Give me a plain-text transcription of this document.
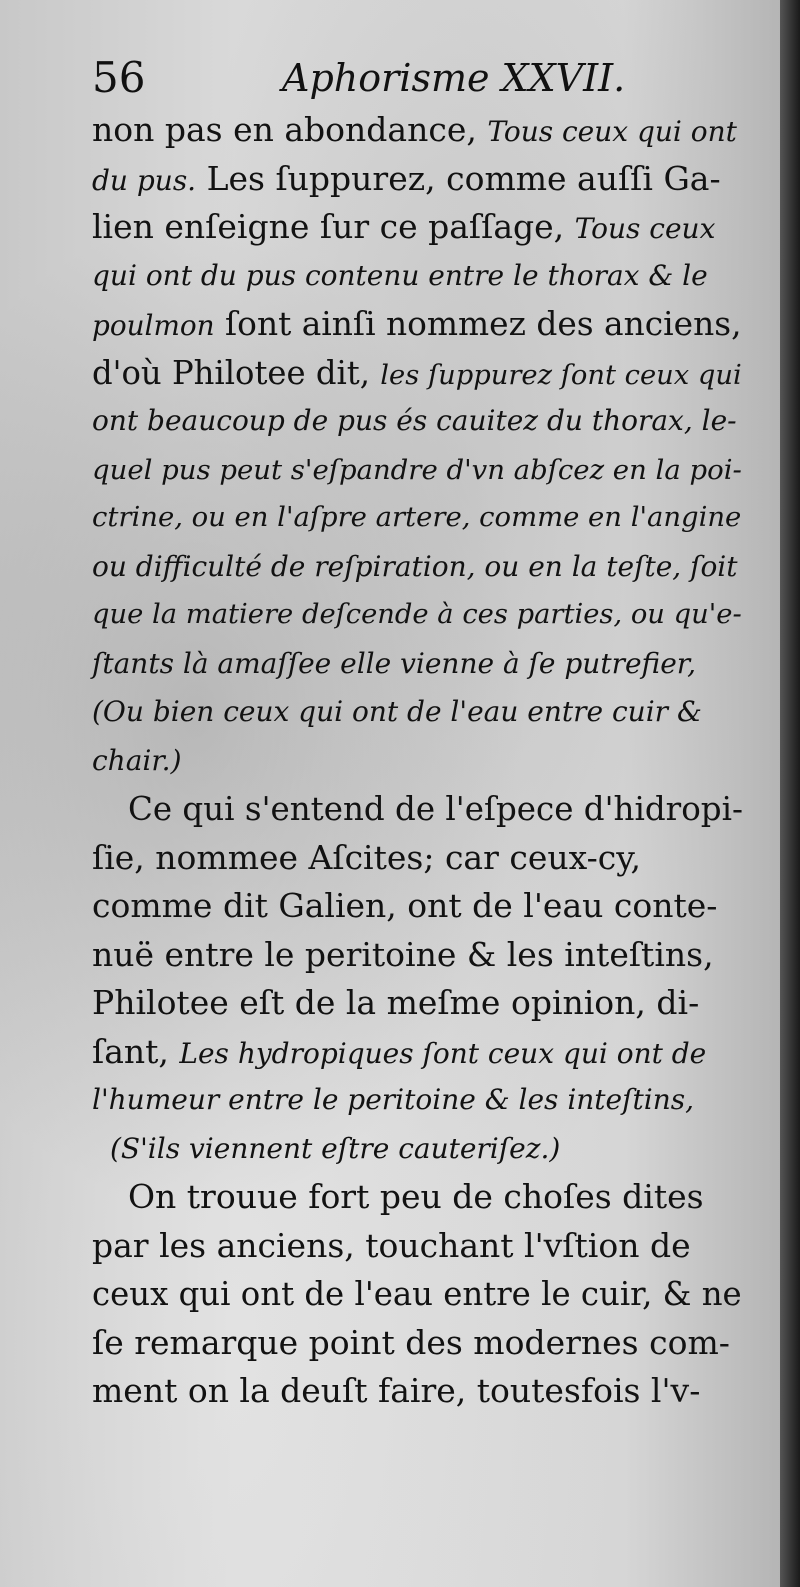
56	Aphorisme XXVII.
non pas en abondance, Tous ceux qui ont
du pus. Les ſuppurez, comme auſſi Ga-
lien enſeigne ſur ce paſſage, Tous ceux
qui ont du pus contenu entre le thorax & le
poulmon ſont ainſi nommez des anciens,
d'où Philotee dit, les ſuppurez ſont ceux qui
ont beaucoup de pus és cauitez du thorax, le-
quel pus peut s'eſpandre d'vn abſcez en la poi-
ctrine, ou en l'aſpre artere, comme en l'angine
ou difficulté de reſpiration, ou en la teſte, ſoit
que la matiere deſcende à ces parties, ou qu'e-
ſtants là amaſſee elle vienne à ſe putrefier,
(Ou bien ceux qui ont de l'eau entre cuir &
chair.)
Ce qui s'entend de l'eſpece d'hidropi-
ſie, nommee Aſcites; car ceux-cy,
comme dit Galien, ont de l'eau conte-
nuë entre le peritoine & les inteſtins,
Philotee eſt de la meſme opinion, di-
ſant, Les hydropiques ſont ceux qui ont de
l'humeur entre le peritoine & les inteſtins,
(S'ils viennent eſtre cauteriſez.)
On trouue fort peu de choſes dites
par les anciens, touchant l'vſtion de
ceux qui ont de l'eau entre le cuir, & ne
ſe remarque point des modernes com-
ment on la deuſt faire, toutesfois l'v-
